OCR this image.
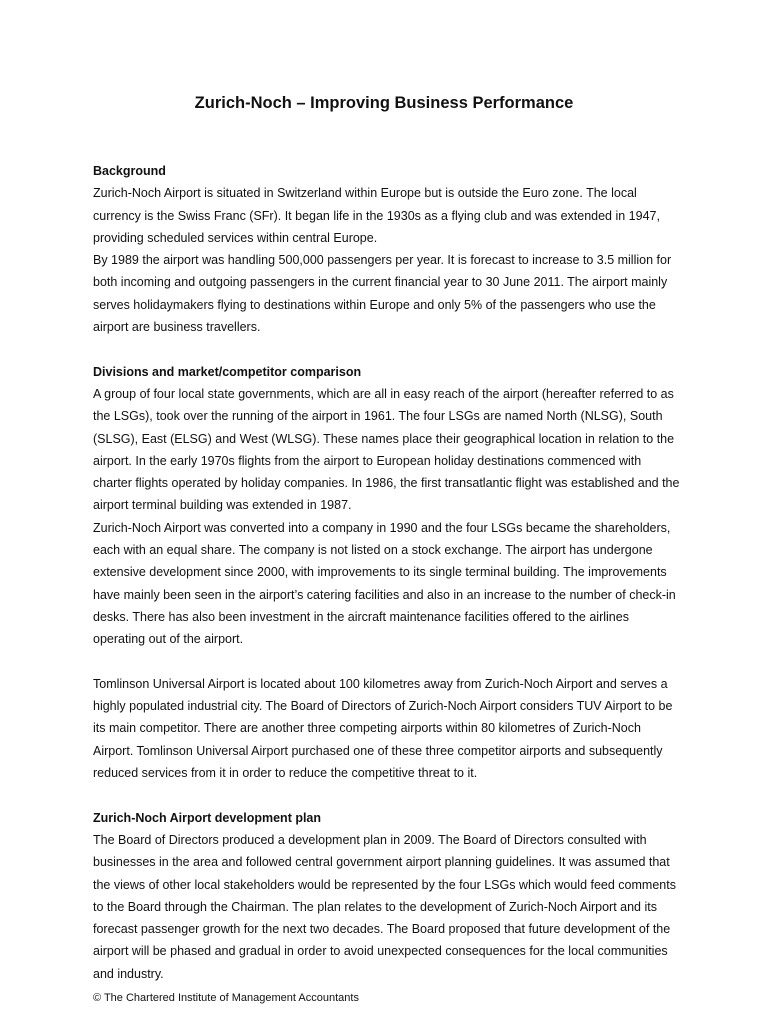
Zurich-Noch – Improving Business Performance

Background

Zurich-Noch Airport is situated in Switzerland within Europe but is outside the Euro zone. The local currency is the Swiss Franc (SFr). It began life in the 1930s as a flying club and was extended in 1947, providing scheduled services within central Europe.

By 1989 the airport was handling 500,000 passengers per year. It is forecast to increase to 3.5 million for both incoming and outgoing passengers in the current financial year to 30 June 2011. The airport mainly serves holidaymakers flying to destinations within Europe and only 5% of the passengers who use the airport are business travellers.

Divisions and market/competitor comparison

A group of four local state governments, which are all in easy reach of the airport (hereafter referred to as the LSGs), took over the running of the airport in 1961. The four LSGs are named North (NLSG), South (SLSG), East (ELSG) and West (WLSG). These names place their geographical location in relation to the airport. In the early 1970s flights from the airport to European holiday destinations commenced with charter flights operated by holiday companies. In 1986, the first transatlantic flight was established and the airport terminal building was extended in 1987.

Zurich-Noch Airport was converted into a company in 1990 and the four LSGs became the shareholders, each with an equal share. The company is not listed on a stock exchange. The airport has undergone extensive development since 2000, with improvements to its single terminal building. The improvements have mainly been seen in the airport’s catering facilities and also in an increase to the number of check-in desks. There has also been investment in the aircraft maintenance facilities offered to the airlines operating out of the airport.

Tomlinson Universal Airport is located about 100 kilometres away from Zurich-Noch Airport and serves a highly populated industrial city. The Board of Directors of Zurich-Noch Airport considers TUV Airport to be its main competitor. There are another three competing airports within 80 kilometres of Zurich-Noch Airport. Tomlinson Universal Airport purchased one of these three competitor airports and subsequently reduced services from it in order to reduce the competitive threat to it.

Zurich-Noch Airport development plan

The Board of Directors produced a development plan in 2009. The Board of Directors consulted with businesses in the area and followed central government airport planning guidelines. It was assumed that the views of other local stakeholders would be represented by the four LSGs which would feed comments to the Board through the Chairman. The plan relates to the development of Zurich-Noch Airport and its forecast passenger growth for the next two decades. The Board proposed that future development of the airport will be phased and gradual in order to avoid unexpected consequences for the local communities and industry.

© The Chartered Institute of Management Accountants
